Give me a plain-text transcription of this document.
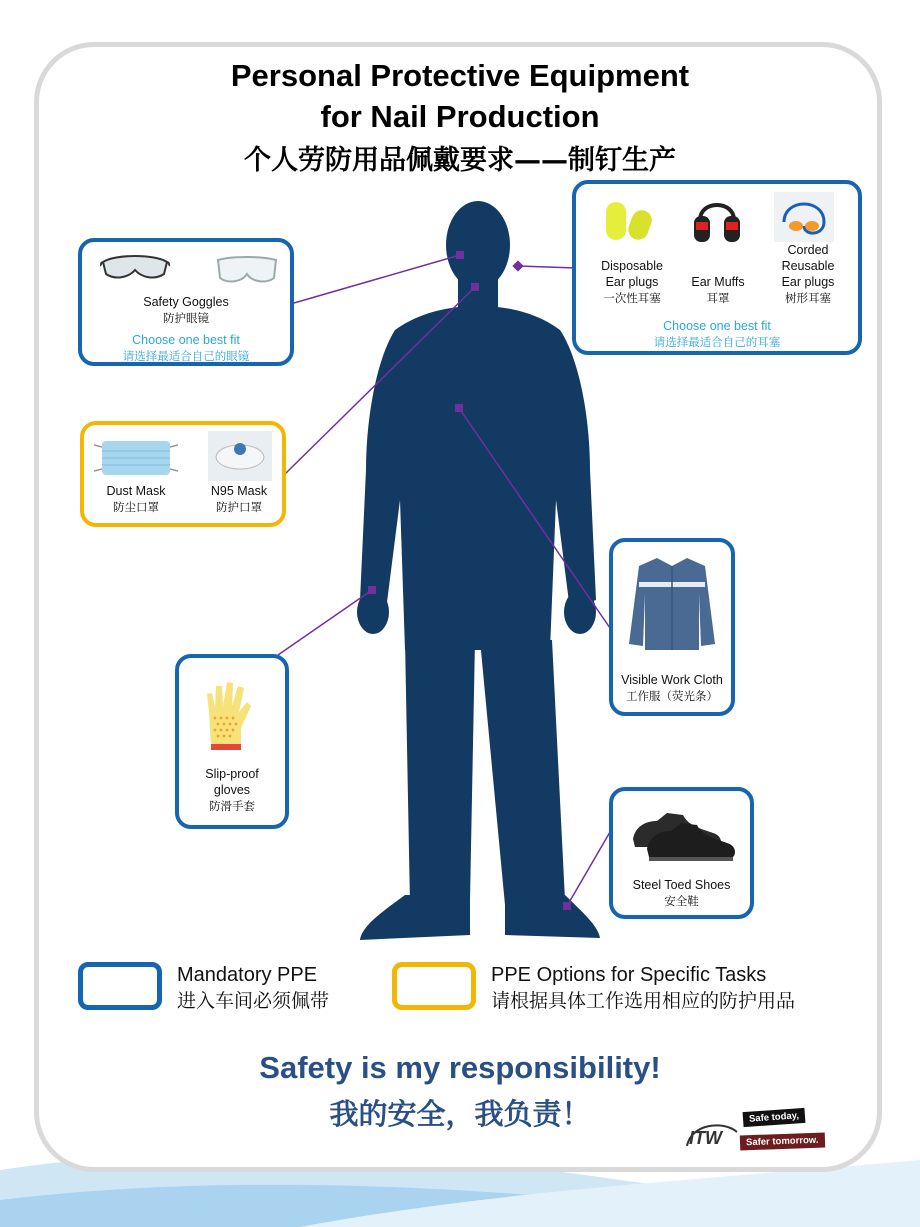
Personal Protective Equipment
for Nail Production
个人劳防用品佩戴要求——制钉生产
Safety Goggles
防护眼镜
Choose one best fit
请选择最适合自己的眼镜
Dust Mask
防尘口罩
N95 Mask
防护口罩
Slip-proof
gloves
防滑手套
Disposable
Ear plugs
一次性耳塞
Ear Muffs
耳罩
Corded
Reusable
Ear plugs
树形耳塞
Choose one best fit
请选择最适合自己的耳塞
Visible Work Cloth
工作服（荧光条）
Steel Toed Shoes
安全鞋
Mandatory PPE
进入车间必须佩带
PPE Options for Specific Tasks
请根据具体工作选用相应的防护用品
Safety is my responsibility!
我的安全，我负责！
ITW
Safe today,
Safer tomorrow.
